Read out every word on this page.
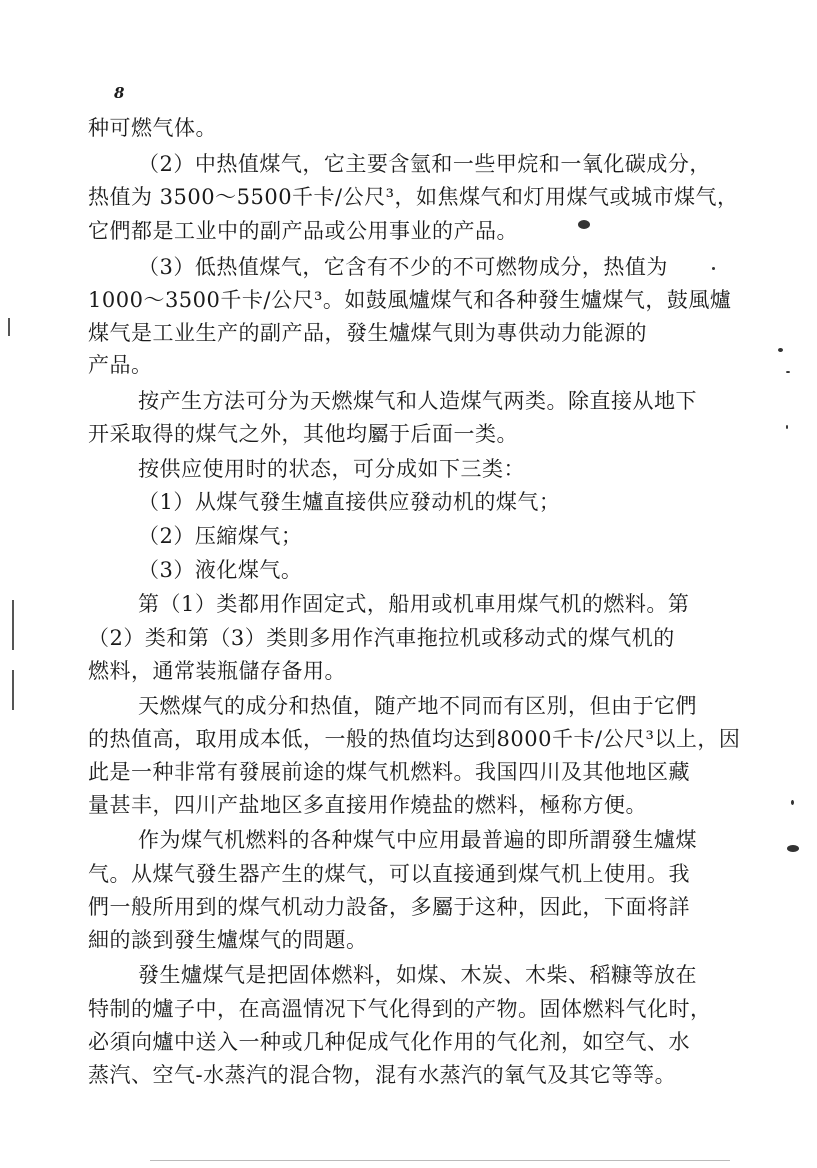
8
种可燃气体。
（2）中热值煤气，它主要含氫和一些甲烷和一氧化碳成分，
热值为 3500～5500千卡/公尺³，如焦煤气和灯用煤气或城市煤气，
它們都是工业中的副产品或公用事业的产品。
（3）低热值煤气，它含有不少的不可燃物成分，热值为
1000～3500千卡/公尺³。如鼓風爐煤气和各种發生爐煤气，鼓風爐
煤气是工业生产的副产品，發生爐煤气則为專供动力能源的
产品。
按产生方法可分为天燃煤气和人造煤气两类。除直接从地下
开采取得的煤气之外，其他均屬于后面一类。
按供应使用时的状态，可分成如下三类：
（1）从煤气發生爐直接供应發动机的煤气；
（2）压縮煤气；
（3）液化煤气。
第（1）类都用作固定式，船用或机車用煤气机的燃料。第
（2）类和第（3）类則多用作汽車拖拉机或移动式的煤气机的
燃料，通常装瓶儲存备用。
天燃煤气的成分和热值，随产地不同而有区別，但由于它們
的热值高，取用成本低，一般的热值均达到8000千卡/公尺³以上，因
此是一种非常有發展前途的煤气机燃料。我国四川及其他地区藏
量甚丰，四川产盐地区多直接用作燒盐的燃料，極称方便。
作为煤气机燃料的各种煤气中应用最普遍的即所謂發生爐煤
气。从煤气發生器产生的煤气，可以直接通到煤气机上使用。我
們一般所用到的煤气机动力設备，多屬于这种，因此，下面将詳
細的談到發生爐煤气的問題。
發生爐煤气是把固体燃料，如煤、木炭、木柴、稻糠等放在
特制的爐子中，在高溫情况下气化得到的产物。固体燃料气化时，
必須向爐中送入一种或几种促成气化作用的气化剂，如空气、水
蒸汽、空气-水蒸汽的混合物，混有水蒸汽的氧气及其它等等。
